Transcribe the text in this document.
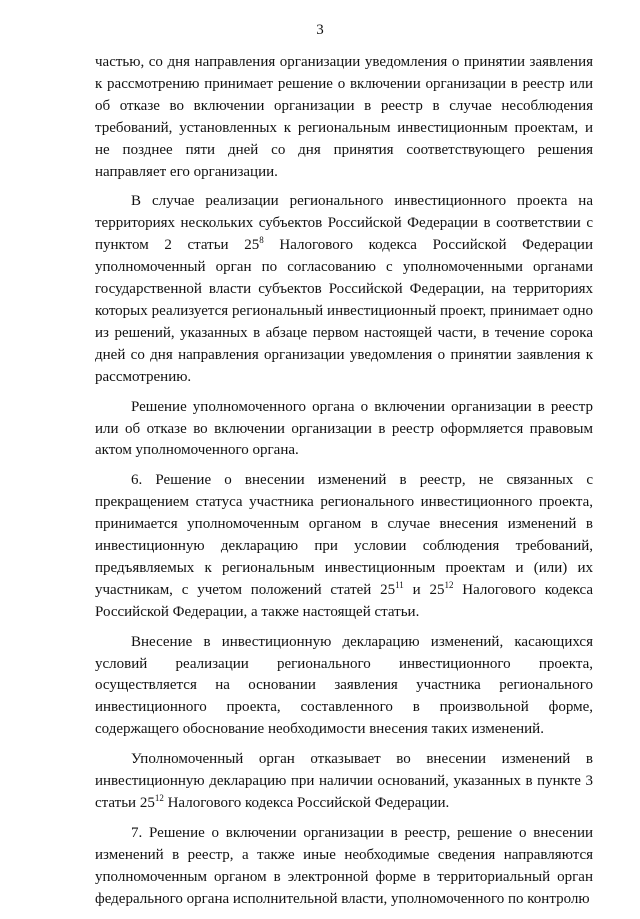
3

частью, со дня направления организации уведомления о принятии заявления к рассмотрению принимает решение о включении организации в реестр или об отказе во включении организации в реестр в случае несоблюдения требований, установленных к региональным инвестиционным проектам, и не позднее пяти дней со дня принятия соответствующего решения направляет его организации.

В случае реализации регионального инвестиционного проекта на территориях нескольких субъектов Российской Федерации в соответствии с пунктом 2 статьи $25^8$ Налогового кодекса Российской Федерации уполномоченный орган по согласованию с уполномоченными органами государственной власти субъектов Российской Федерации, на территориях которых реализуется региональный инвестиционный проект, принимает одно из решений, указанных в абзаце первом настоящей части, в течение сорока дней со дня направления организации уведомления о принятии заявления к рассмотрению.

Решение уполномоченного органа о включении организации в реестр или об отказе во включении организации в реестр оформляется правовым актом уполномоченного органа.

6. Решение о внесении изменений в реестр, не связанных с прекращением статуса участника регионального инвестиционного проекта, принимается уполномоченным органом в случае внесения изменений в инвестиционную декларацию при условии соблюдения требований, предъявляемых к региональным инвестиционным проектам и (или) их участникам, с учетом положений статей $25^{11}$ и $25^{12}$ Налогового кодекса Российской Федерации, а также настоящей статьи.

Внесение в инвестиционную декларацию изменений, касающихся условий реализации регионального инвестиционного проекта, осуществляется на основании заявления участника регионального инвестиционного проекта, составленного в произвольной форме, содержащего обоснование необходимости внесения таких изменений.

Уполномоченный орган отказывает во внесении изменений в инвестиционную декларацию при наличии оснований, указанных в пункте 3 статьи $25^{12}$ Налогового кодекса Российской Федерации.

7. Решение о включении организации в реестр, решение о внесении изменений в реестр, а также иные необходимые сведения направляются уполномоченным органом в электронной форме в территориальный орган федерального органа исполнительной власти, уполномоченного по контролю
